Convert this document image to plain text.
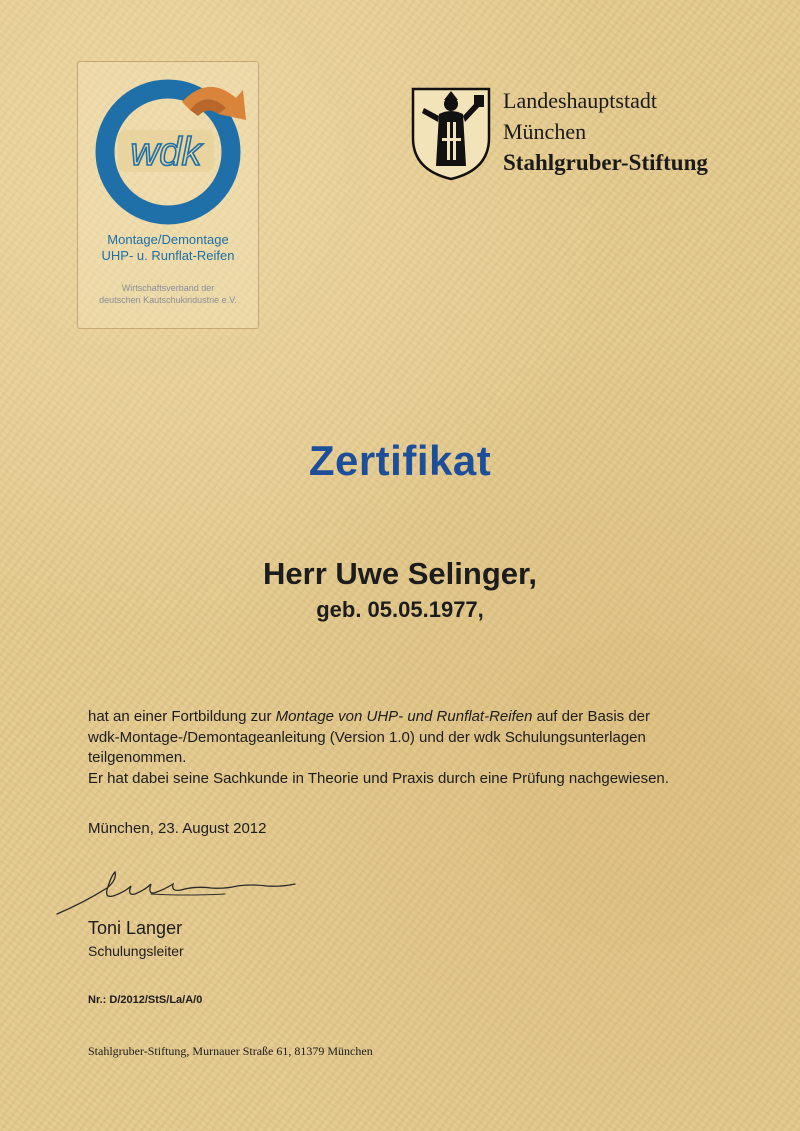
wdk
Montage/Demontage
UHP- u. Runflat-Reifen
Wirtschaftsverband der
deutschen Kautschukindustrie e.V.
Landeshauptstadt
München
Stahlgruber-Stiftung
Zertifikat
Herr Uwe Selinger,
geb. 05.05.1977,
hat an einer Fortbildung zur Montage von UHP- und Runflat-Reifen auf der Basis der
wdk-Montage-/Demontageanleitung (Version 1.0) und der wdk Schulungsunterlagen
teilgenommen.
Er hat dabei seine Sachkunde in Theorie und Praxis durch eine Prüfung nachgewiesen.
München, 23. August 2012
Toni Langer
Schulungsleiter
Nr.: D/2012/StS/La/A/0
Stahlgruber-Stiftung, Murnauer Straße 61, 81379 München
